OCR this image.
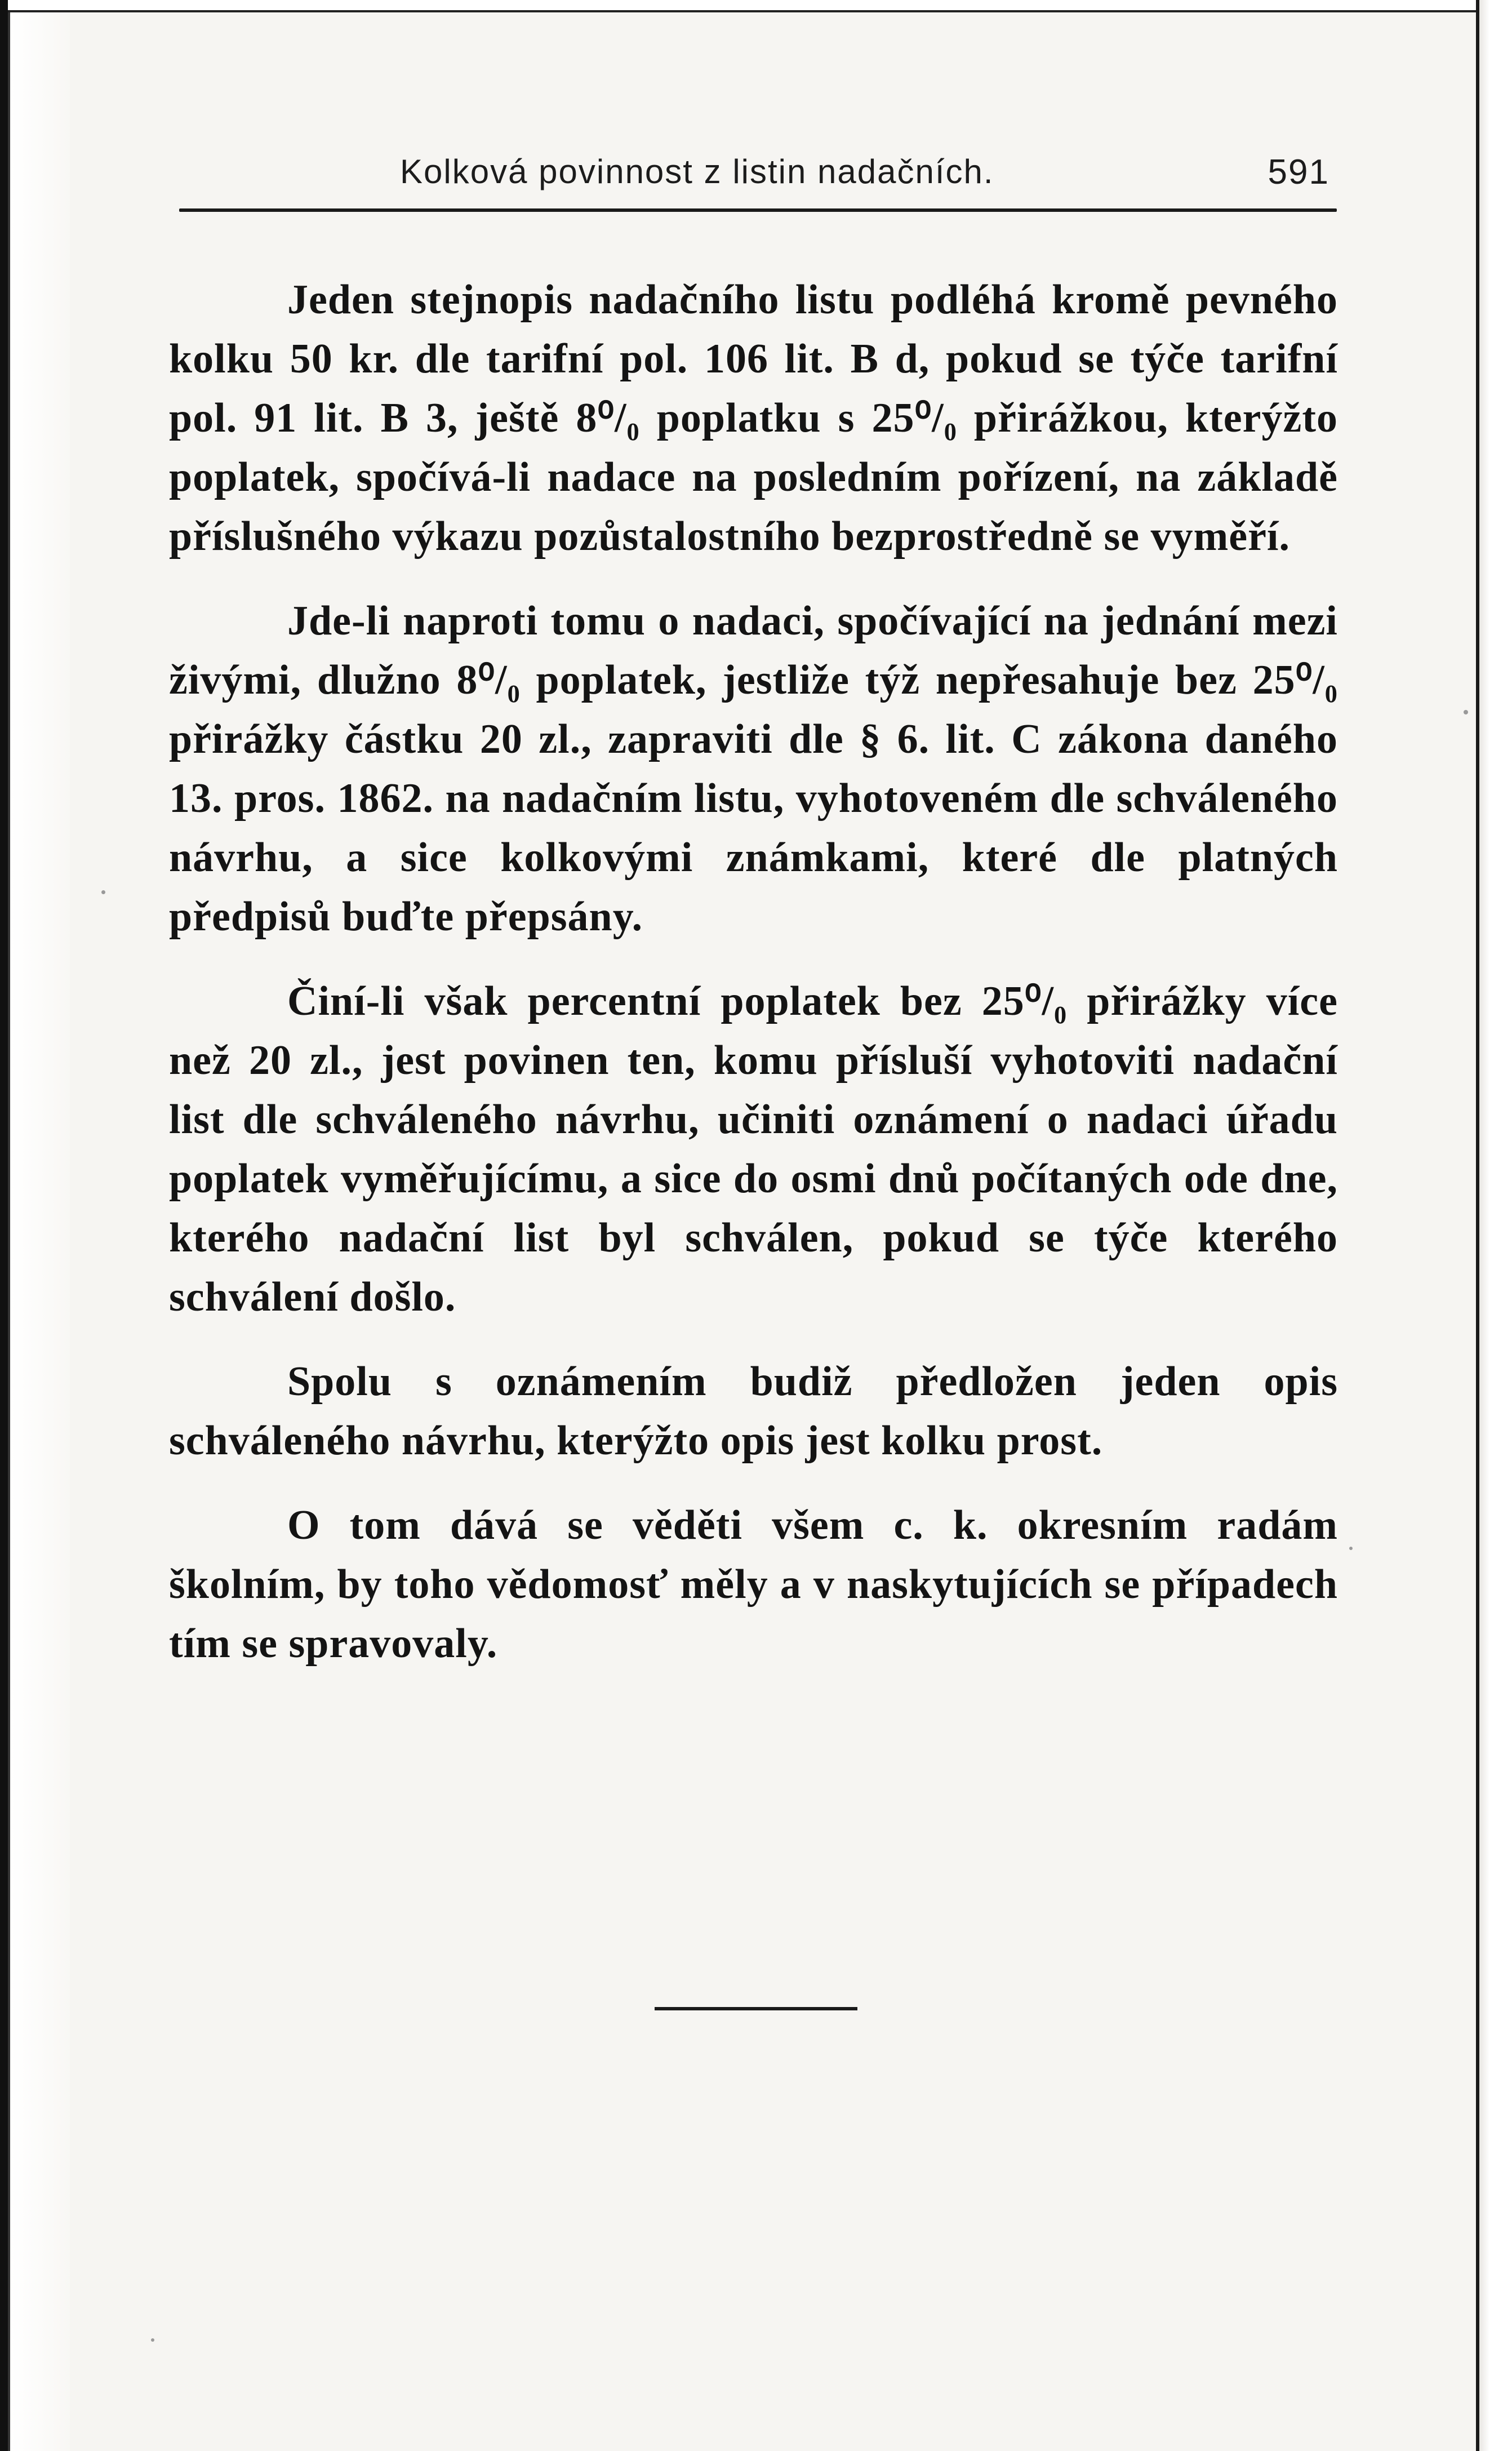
Kolková povinnost z listin nadačních.	591

Jeden stejnopis nadačního listu podléhá kromě pevného kolku 50 kr. dle tarifní pol. 106 lit. B d, pokud se týče tarifní pol. 91 lit. B 3, ještě 8⁰/₀ poplatku s 25⁰/₀ přirážkou, kterýžto poplatek, spočívá-li nadace na posledním pořízení, na základě příslušného výkazu pozůstalostního bezprostředně se vyměří.

Jde-li naproti tomu o nadaci, spočívající na jednání mezi živými, dlužno 8⁰/₀ poplatek, jestliže týž nepřesahuje bez 25⁰/₀ přirážky částku 20 zl., zapraviti dle § 6. lit. C zákona daného 13. pros. 1862. na nadačním listu, vyhotoveném dle schváleného návrhu, a sice kolkovými známkami, které dle platných předpisů buďte přepsány.

Činí-li však percentní poplatek bez 25⁰/₀ přirážky více než 20 zl., jest povinen ten, komu přísluší vyhotoviti nadační list dle schváleného návrhu, učiniti oznámení o nadaci úřadu poplatek vyměřujícímu, a sice do osmi dnů počítaných ode dne, kterého nadační list byl schválen, pokud se týče kterého schválení došlo.

Spolu s oznámením budiž předložen jeden opis schváleného návrhu, kterýžto opis jest kolku prost.

O tom dává se věděti všem c. k. okresním radám školním, by toho vědomosť měly a v naskytujících se případech tím se spravovaly.
